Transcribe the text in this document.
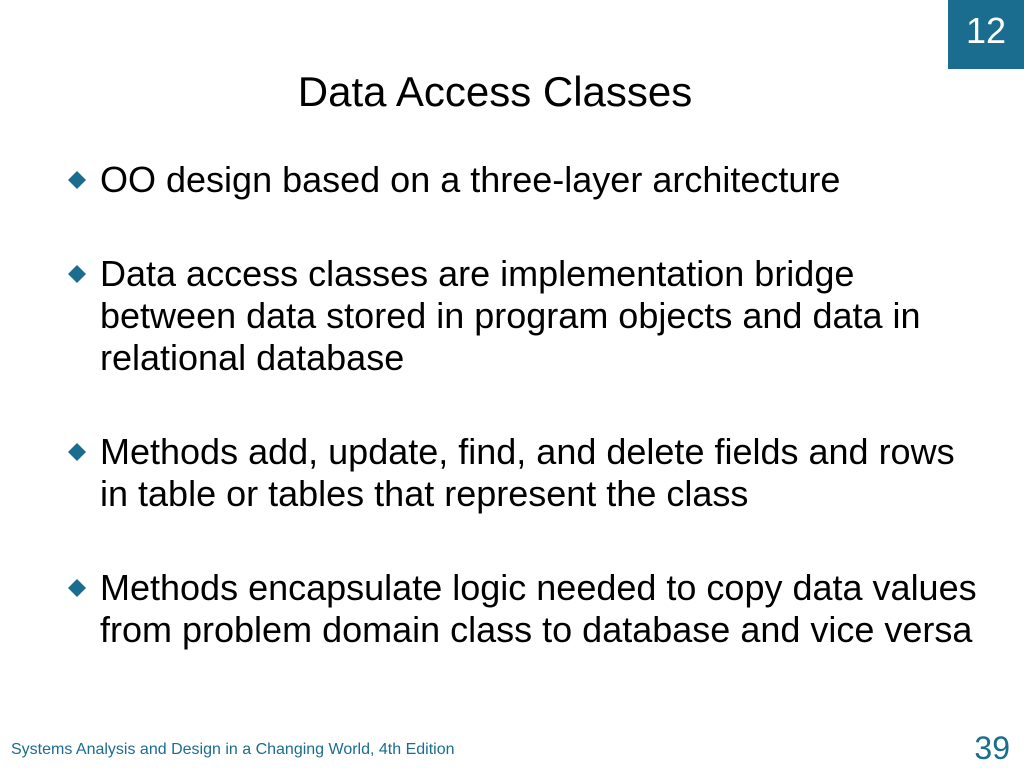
12
Data Access Classes
OO design based on a three-layer architecture
Data access classes are implementation bridge between data stored in program objects and data in relational database
Methods add, update, find, and delete fields and rows in table or tables that represent the class
Methods encapsulate logic needed to copy data values from problem domain class to database and vice versa
Systems Analysis and Design in a Changing World, 4th Edition	39
